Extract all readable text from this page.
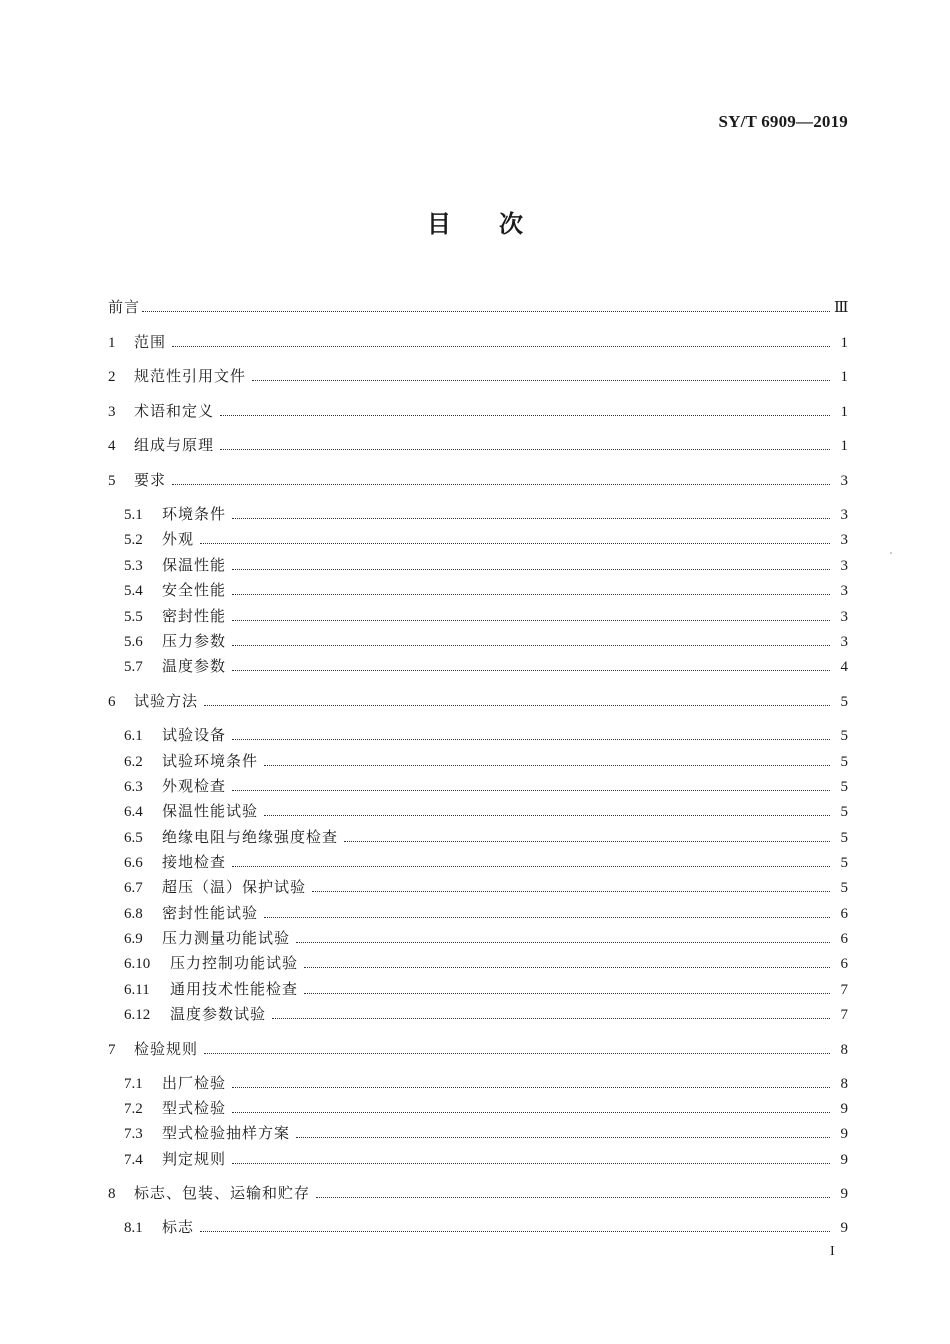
SY/T 6909—2019
目 次
前言	Ⅲ
1	范围	1
2	规范性引用文件	1
3	术语和定义	1
4	组成与原理	1
5	要求	3
5.1	环境条件	3
5.2	外观	3
5.3	保温性能	3
5.4	安全性能	3
5.5	密封性能	3
5.6	压力参数	3
5.7	温度参数	4
6	试验方法	5
6.1	试验设备	5
6.2	试验环境条件	5
6.3	外观检查	5
6.4	保温性能试验	5
6.5	绝缘电阻与绝缘强度检查	5
6.6	接地检查	5
6.7	超压（温）保护试验	5
6.8	密封性能试验	6
6.9	压力测量功能试验	6
6.10	压力控制功能试验	6
6.11	通用技术性能检查	7
6.12	温度参数试验	7
7	检验规则	8
7.1	出厂检验	8
7.2	型式检验	9
7.3	型式检验抽样方案	9
7.4	判定规则	9
8	标志、包装、运输和贮存	9
8.1	标志	9
I
